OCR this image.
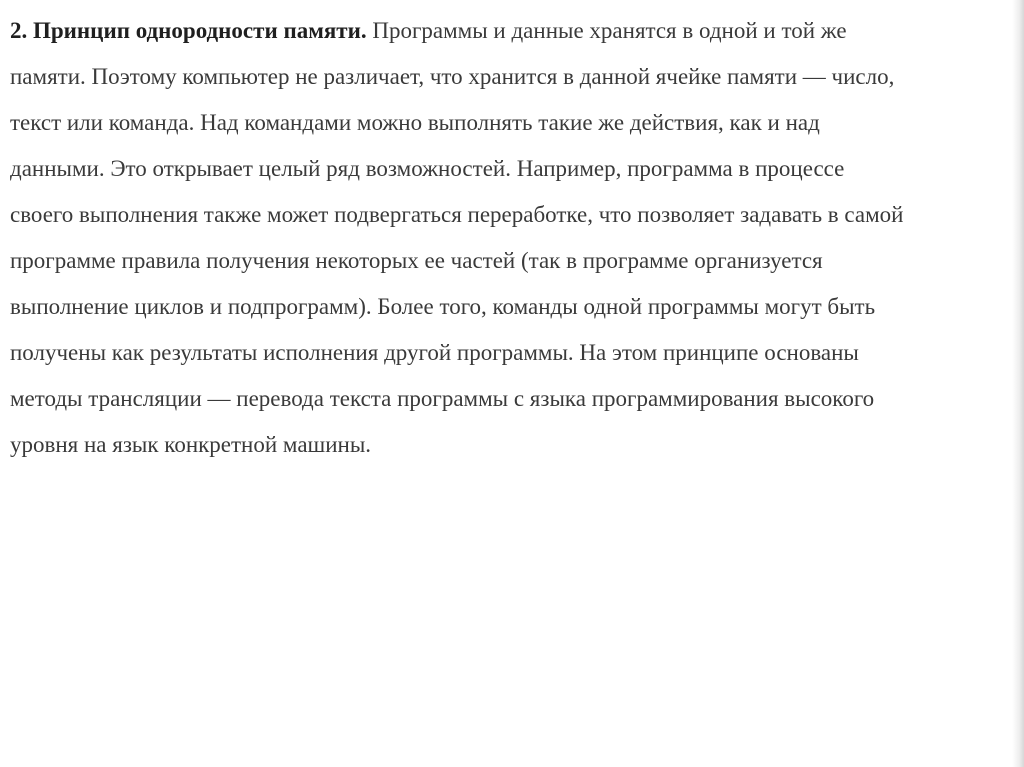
2. Принцип однородности памяти. Программы и данные хранятся в одной и той же
памяти. Поэтому компьютер не различает, что хранится в данной ячейке памяти — число,
текст или команда. Над командами можно выполнять такие же действия, как и над
данными. Это открывает целый ряд возможностей. Например, программа в процессе
своего выполнения также может подвергаться переработке, что позволяет задавать в самой
программе правила получения некоторых ее частей (так в программе организуется
выполнение циклов и подпрограмм). Более того, команды одной программы могут быть
получены как результаты исполнения другой программы. На этом принципе основаны
методы трансляции — перевода текста программы с языка программирования высокого
уровня на язык конкретной машины.
